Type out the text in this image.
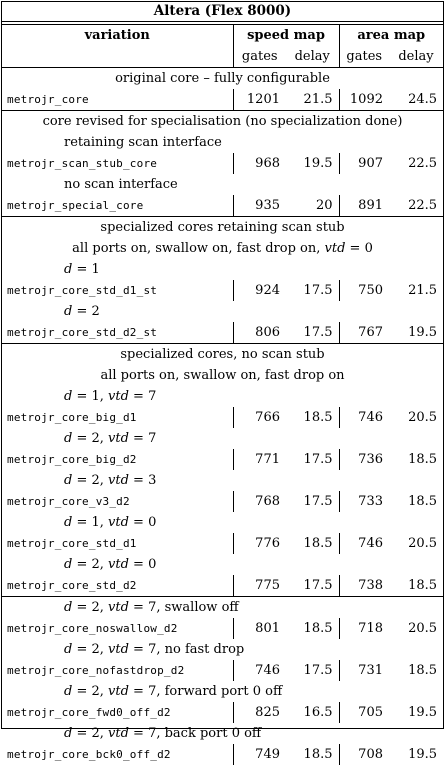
Altera (Flex 8000)
variation	speed map		area map	
	gates	delay	gates	delay
original core – fully configurable				
metrojr_core	1201	21.5	1092	24.5
core revised for specialisation (no specialization done)				
retaining scan interface				
metrojr_scan_stub_core	968	19.5	907	22.5
no scan interface				
metrojr_special_core	935	20	891	22.5
specialized cores retaining scan stub				
all ports on, swallow on, fast drop on, vtd = 0				
d = 1				
metrojr_core_std_d1_st	924	17.5	750	21.5
d = 2				
metrojr_core_std_d2_st	806	17.5	767	19.5
specialized cores, no scan stub				
all ports on, swallow on, fast drop on				
d = 1, vtd = 7				
metrojr_core_big_d1	766	18.5	746	20.5
d = 2, vtd = 7				
metrojr_core_big_d2	771	17.5	736	18.5
d = 2, vtd = 3				
metrojr_core_v3_d2	768	17.5	733	18.5
d = 1, vtd = 0				
metrojr_core_std_d1	776	18.5	746	20.5
d = 2, vtd = 0				
metrojr_core_std_d2	775	17.5	738	18.5
d = 2, vtd = 7, swallow off				
metrojr_core_noswallow_d2	801	18.5	718	20.5
d = 2, vtd = 7, no fast drop				
metrojr_core_nofastdrop_d2	746	17.5	731	18.5
d = 2, vtd = 7, forward port 0 off				
metrojr_core_fwd0_off_d2	825	16.5	705	19.5
d = 2, vtd = 7, back port 0 off				
metrojr_core_bck0_off_d2	749	18.5	708	19.5
